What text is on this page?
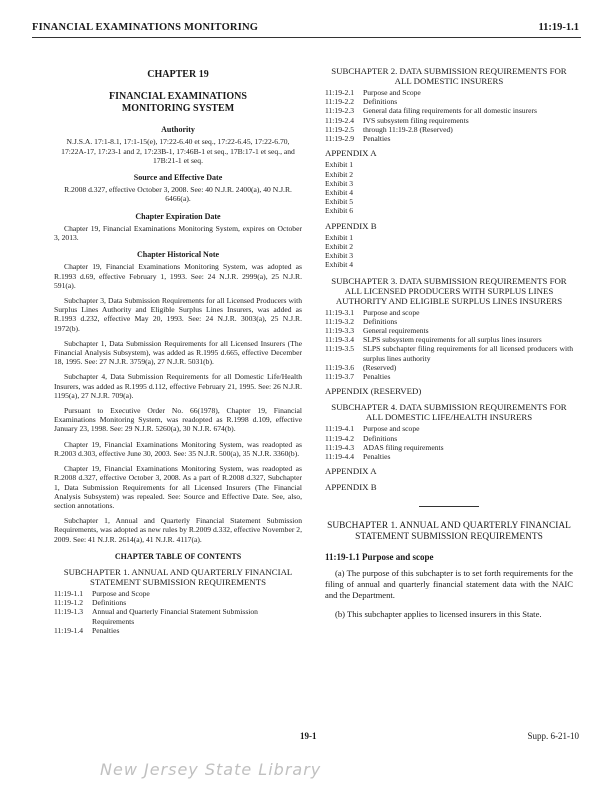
FINANCIAL EXAMINATIONS MONITORING	11:19-1.1
CHAPTER 19
FINANCIAL EXAMINATIONS
MONITORING SYSTEM
Authority
N.J.S.A. 17:1-8.1, 17:1-15(e), 17:22-6.40 et seq., 17:22-6.45, 17:22-6.70, 17:22A-17, 17:23-1 and 2, 17:23B-1, 17:46B-1 et seq., 17B:17-1 et seq., and 17B:21-1 et seq.
Source and Effective Date
R.2008 d.327, effective October 3, 2008. See: 40 N.J.R. 2400(a), 40 N.J.R. 6466(a).
Chapter Expiration Date
Chapter 19, Financial Examinations Monitoring System, expires on October 3, 2013.
Chapter Historical Note
Chapter 19, Financial Examinations Monitoring System, was adopted as R.1993 d.69, effective February 1, 1993. See: 24 N.J.R. 2999(a), 25 N.J.R. 591(a).
Subchapter 3, Data Submission Requirements for all Licensed Producers with Surplus Lines Authority and Eligible Surplus Lines Insurers, was added as R.1993 d.232, effective May 20, 1993. See: 24 N.J.R. 3003(a), 25 N.J.R. 1972(b).
Subchapter 1, Data Submission Requirements for all Licensed Insurers (The Financial Analysis Subsystem), was added as R.1995 d.665, effective December 18, 1995. See: 27 N.J.R. 3759(a), 27 N.J.R. 5031(b).
Subchapter 4, Data Submission Requirements for all Domestic Life/Health Insurers, was added as R.1995 d.112, effective February 21, 1995. See: 26 N.J.R. 1195(a), 27 N.J.R. 709(a).
Pursuant to Executive Order No. 66(1978), Chapter 19, Financial Examinations Monitoring System, was readopted as R.1998 d.109, effective January 23, 1998. See: 29 N.J.R. 5260(a), 30 N.J.R. 674(b).
Chapter 19, Financial Examinations Monitoring System, was readopted as R.2003 d.303, effective June 30, 2003. See: 35 N.J.R. 500(a), 35 N.J.R. 3360(b).
Chapter 19, Financial Examinations Monitoring System, was readopted as R.2008 d.327, effective October 3, 2008. As a part of R.2008 d.327, Subchapter 1, Data Submission Requirements for all Licensed Insurers (The Financial Analysis Subsystem) was repealed. See: Source and Effective Date. See, also, section annotations.
Subchapter 1, Annual and Quarterly Financial Statement Submission Requirements, was adopted as new rules by R.2009 d.332, effective November 2, 2009. See: 41 N.J.R. 2614(a), 41 N.J.R. 4117(a).
CHAPTER TABLE OF CONTENTS
SUBCHAPTER 1. ANNUAL AND QUARTERLY FINANCIAL STATEMENT SUBMISSION REQUIREMENTS
11:19-1.1	Purpose and Scope
11:19-1.2	Definitions
11:19-1.3	Annual and Quarterly Financial Statement Submission Requirements
11:19-1.4	Penalties
SUBCHAPTER 2. DATA SUBMISSION REQUIREMENTS FOR ALL DOMESTIC INSURERS
11:19-2.1	Purpose and Scope
11:19-2.2	Definitions
11:19-2.3	General data filing requirements for all domestic insurers
11:19-2.4	IVS subsystem filing requirements
11:19-2.5	through 11:19-2.8 (Reserved)
11:19-2.9	Penalties
APPENDIX A
Exhibit 1
Exhibit 2
Exhibit 3
Exhibit 4
Exhibit 5
Exhibit 6
APPENDIX B
Exhibit 1
Exhibit 2
Exhibit 3
Exhibit 4
SUBCHAPTER 3. DATA SUBMISSION REQUIREMENTS FOR ALL LICENSED PRODUCERS WITH SURPLUS LINES AUTHORITY AND ELIGIBLE SURPLUS LINES INSURERS
11:19-3.1	Purpose and scope
11:19-3.2	Definitions
11:19-3.3	General requirements
11:19-3.4	SLPS subsystem requirements for all surplus lines insurers
11:19-3.5	SLPS subchapter filing requirements for all licensed producers with surplus lines authority
11:19-3.6	(Reserved)
11:19-3.7	Penalties
APPENDIX (RESERVED)
SUBCHAPTER 4. DATA SUBMISSION REQUIREMENTS FOR ALL DOMESTIC LIFE/HEALTH INSURERS
11:19-4.1	Purpose and scope
11:19-4.2	Definitions
11:19-4.3	ADAS filing requirements
11:19-4.4	Penalties
APPENDIX A
APPENDIX B
SUBCHAPTER 1. ANNUAL AND QUARTERLY FINANCIAL STATEMENT SUBMISSION REQUIREMENTS
11:19-1.1 Purpose and scope
(a) The purpose of this subchapter is to set forth requirements for the filing of annual and quarterly financial statement data with the NAIC and the Department.
(b) This subchapter applies to licensed insurers in this State.
19-1	Supp. 6-21-10
New Jersey State Library
